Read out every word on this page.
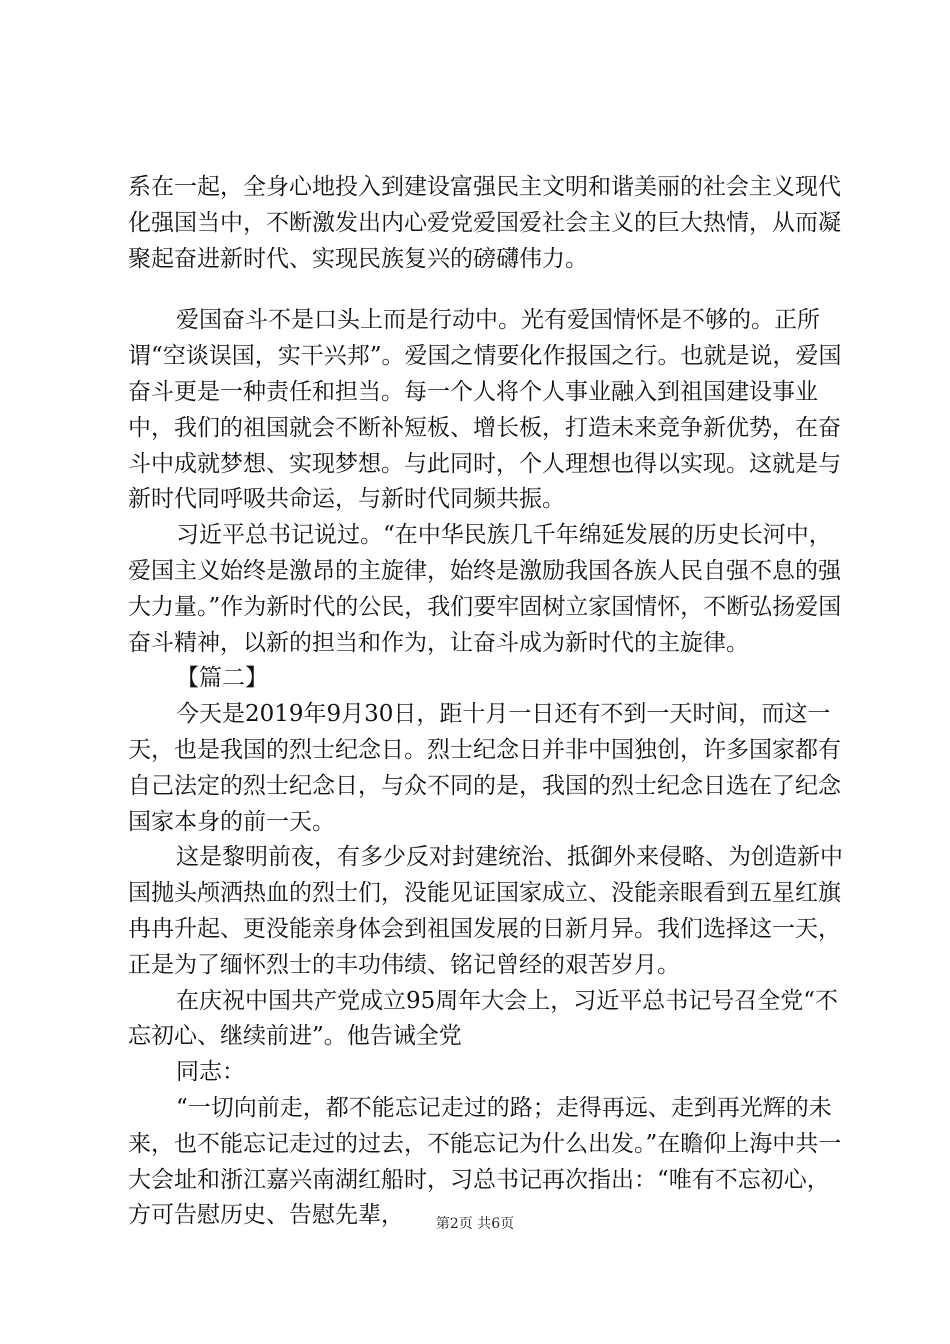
系在一起，全身心地投入到建设富强民主文明和谐美丽的社会主义现代化强国当中，不断激发出内心爱党爱国爱社会主义的巨大热情，从而凝聚起奋进新时代、实现民族复兴的磅礴伟力。

爱国奋斗不是口头上而是行动中。光有爱国情怀是不够的。正所谓“空谈误国，实干兴邦”。爱国之情要化作报国之行。也就是说，爱国奋斗更是一种责任和担当。每一个人将个人事业融入到祖国建设事业中，我们的祖国就会不断补短板、增长板，打造未来竞争新优势，在奋斗中成就梦想、实现梦想。与此同时，个人理想也得以实现。这就是与新时代同呼吸共命运，与新时代同频共振。

习近平总书记说过。“在中华民族几千年绵延发展的历史长河中，爱国主义始终是激昂的主旋律，始终是激励我国各族人民自强不息的强大力量。”作为新时代的公民，我们要牢固树立家国情怀，不断弘扬爱国奋斗精神，以新的担当和作为，让奋斗成为新时代的主旋律。

【篇二】

今天是2019年9月30日，距十月一日还有不到一天时间，而这一天，也是我国的烈士纪念日。烈士纪念日并非中国独创，许多国家都有自己法定的烈士纪念日，与众不同的是，我国的烈士纪念日选在了纪念国家本身的前一天。

这是黎明前夜，有多少反对封建统治、抵御外来侵略、为创造新中国抛头颅洒热血的烈士们，没能见证国家成立、没能亲眼看到五星红旗冉冉升起、更没能亲身体会到祖国发展的日新月异。我们选择这一天，正是为了缅怀烈士的丰功伟绩、铭记曾经的艰苦岁月。

在庆祝中国共产党成立95周年大会上，习近平总书记号召全党“不忘初心、继续前进”。他告诫全党

同志：

“一切向前走，都不能忘记走过的路；走得再远、走到再光辉的未来，也不能忘记走过的过去，不能忘记为什么出发。”在瞻仰上海中共一大会址和浙江嘉兴南湖红船时，习总书记再次指出：“唯有不忘初心，方可告慰历史、告慰先辈，	第2页 共6页
